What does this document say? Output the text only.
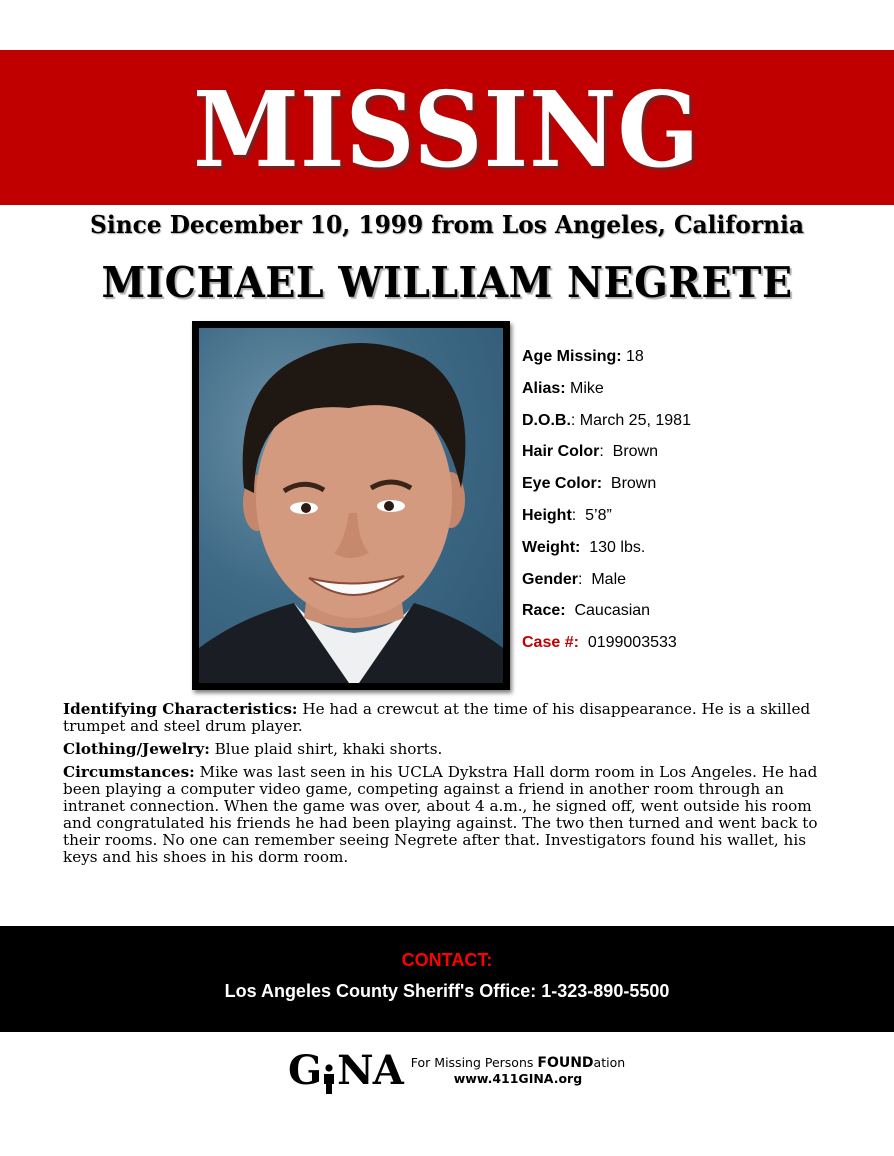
MISSING
Since December 10, 1999 from Los Angeles, California
MICHAEL WILLIAM NEGRETE
Age Missing: 18
Alias: Mike
D.O.B.: March 25, 1981
Hair Color:  Brown
Eye Color:  Brown
Height:  5’8”
Weight:  130 lbs.
Gender:  Male
Race:  Caucasian
Case #:  0199003533

Identifying Characteristics: He had a crewcut at the time of his disappearance. He is a skilled trumpet and steel drum player.

Clothing/Jewelry: Blue plaid shirt, khaki shorts.

Circumstances: Mike was last seen in his UCLA Dykstra Hall dorm room in Los Angeles. He had been playing a computer video game, competing against a friend in another room through an intranet connection. When the game was over, about 4 a.m., he signed off, went outside his room and congratulated his friends he had been playing against. The two then turned and went back to their rooms. No one can remember seeing Negrete after that. Investigators found his wallet, his keys and his shoes in his dorm room.

CONTACT:
Los Angeles County Sheriff's Office: 1-323-890-5500
G NA For Missing Persons FOUNDation
www.411GINA.org
